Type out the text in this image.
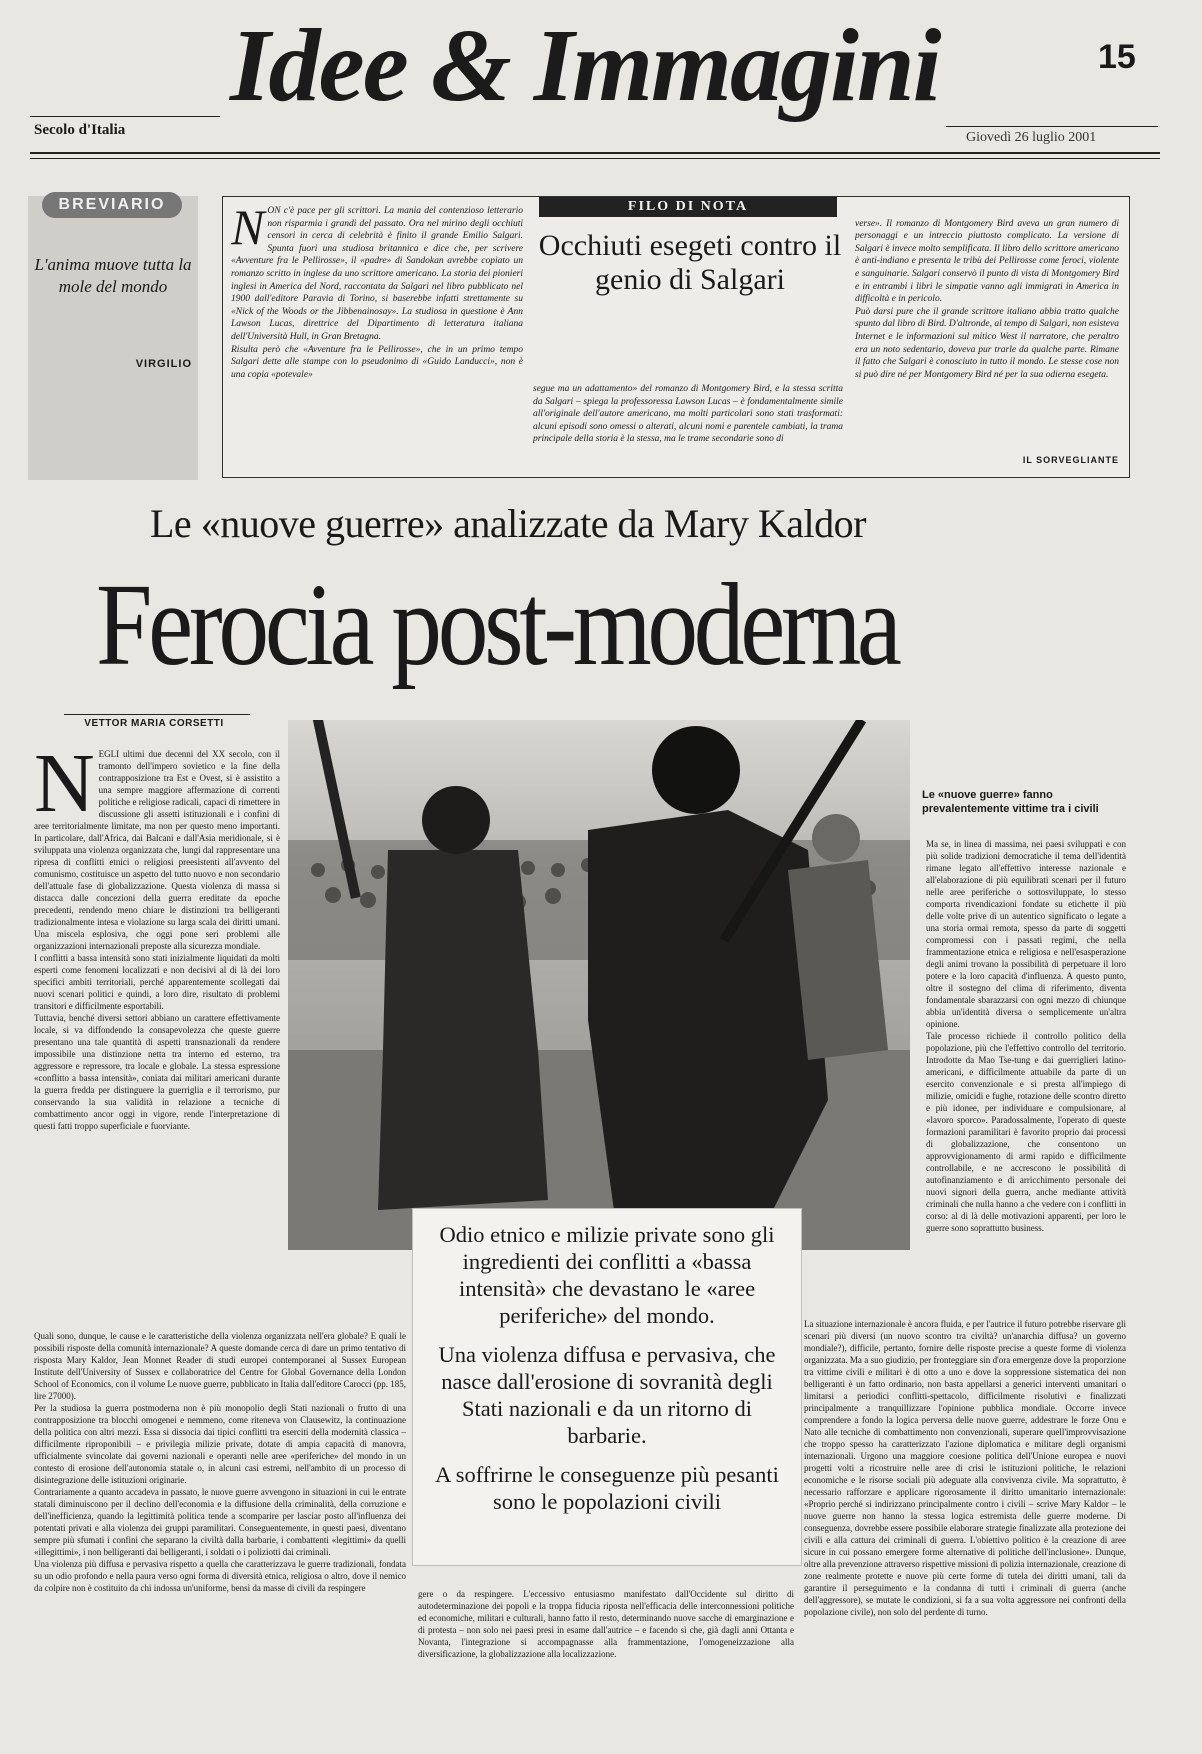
Idee & Immagini	15
Secolo d'Italia	Giovedì 26 luglio 2001
BREVIARIO
L'anima muove tutta la mole del mondo
VIRGILIO
FILO DI NOTA
Occhiuti esegeti contro il genio di Salgari
NON c'è pace per gli scrittori. La mania del contenzioso letterario non risparmia i grandi del passato. Ora nel mirino degli occhiuti censori in cerca di celebrità è finito il grande Emilio Salgari. Spunta fuori una studiosa britannica e dice che, per scrivere «Avventure fra le Pellirosse», il «padre» di Sandokan avrebbe copiato un romanzo scritto in inglese da uno scrittore americano. La storia dei pionieri inglesi in America del Nord, raccontata da Salgari nel libro pubblicato nel 1900 dall'editore Paravia di Torino, si baserebbe infatti strettamente su «Nick of the Woods or the Jibbenainosay». La studiosa in questione è Ann Lawson Lucas, direttrice del Dipartimento di letteratura italiana dell'Università Hull, in Gran Bretagna.
Risulta però che «Avventure fra le Pellirosse», che in un primo tempo Salgari dette alle stampe con lo pseudonimo di «Guido Landucci», non è una copia «potevale»
segue ma un adattamento» del romanzo di Montgomery Bird, e la stessa scritta da Salgari – spiega la professoressa Lawson Lucas – è fondamentalmente simile all'originale dell'autore americano, ma molti particolari sono stati trasformati: alcuni episodi sono omessi o alterati, alcuni nomi e parentele cambiati, la trama principale della storia è la stessa, ma le trame secondarie sono di

verse». Il romanzo di Montgomery Bird aveva un gran numero di personaggi e un intreccio piuttosto complicato. La versione di Salgari è invece molto semplificata. Il libro dello scrittore americano è anti-indiano e presenta le tribù dei Pellirosse come feroci, violente e sanguinarie. Salgari conservò il punto di vista di Montgomery Bird e in entrambi i libri le simpatie vanno agli immigrati in America in difficoltà e in pericolo.
Può darsi pure che il grande scrittore italiano abbia tratto qualche spunto dal libro di Bird. D'altronde, al tempo di Salgari, non esisteva Internet e le informazioni sul mitico West il narratore, che peraltro era un noto sedentario, doveva pur trarle da qualche parte. Rimane il fatto che Salgari è conosciuto in tutto il mondo. Le stesse cose non si può dire né per Montgomery Bird né per la sua odierna esegeta.

IL SORVEGLIANTE
Le «nuove guerre» analizzate da Mary Kaldor
Ferocia post-moderna
VETTOR MARIA CORSETTI

NEGLI ultimi due decenni del XX secolo, con il tramonto dell'impero sovietico e la fine della contrapposizione tra Est e Ovest, si è assistito a una sempre maggiore affermazione di correnti politiche e religiose radicali, capaci di rimettere in discussione gli assetti istituzionali e i confini di aree territorialmente limitate, ma non per questo meno importanti. In particolare, dall'Africa, dai Balcani e dall'Asia meridionale, si è sviluppata una violenza organizzata che, lungi dal rappresentare una ripresa di conflitti etnici o religiosi preesistenti all'avvento del comunismo, costituisce un aspetto del tutto nuovo e non secondario dell'attuale fase di globalizzazione. Questa violenza di massa si distacca dalle concezioni della guerra ereditate da epoche precedenti, rendendo meno chiare le distinzioni tra belligeranti tradizionalmente intesa e violazione su larga scala dei diritti umani. Una miscela esplosiva, che oggi pone seri problemi alle organizzazioni internazionali preposte alla sicurezza mondiale.
I conflitti a bassa intensità sono stati inizialmente liquidati da molti esperti come fenomeni localizzati e non decisivi al di là dei loro specifici ambiti territoriali, perché apparentemente scollegati dai nuovi scenari politici e quindi, a loro dire, risultato di problemi transitori e difficilmente esportabili.
Tuttavia, benché diversi settori abbiano un carattere effettivamente locale, si va diffondendo la consapevolezza che queste guerre presentano una tale quantità di aspetti transnazionali da rendere impossibile una distinzione netta tra interno ed esterno, tra aggressore e repressore, tra locale e globale. La stessa espressione «conflitto a bassa intensità», coniata dai militari americani durante la guerra fredda per distinguere la guerriglia e il terrorismo, pur conservando la sua validità in relazione a tecniche di combattimento ancor oggi in vigore, rende l'interpretazione di questi fatti troppo superficiale e fuorviante.

Quali sono, dunque, le cause e le caratteristiche della violenza organizzata nell'era globale? E quali le possibili risposte della comunità internazionale? A queste domande cerca di dare un primo tentativo di risposta Mary Kaldor, Jean Monnet Reader di studi europei contemporanei al Sussex European Institute dell'University of Sussex e collaboratrice del Centre for Global Governance della London School of Economics, con il volume Le nuove guerre, pubblicato in Italia dall'editore Carocci (pp. 185, lire 27000).
Per la studiosa la guerra postmoderna non è più monopolio degli Stati nazionali o frutto di una contrapposizione tra blocchi omogenei e nemmeno, come riteneva von Clausewitz, la continuazione della politica con altri mezzi. Essa si dissocia dai tipici conflitti tra eserciti della modernità classica – difficilmente riproponibili – e privilegia milizie private, dotate di ampia capacità di manovra, ufficialmente svincolate dai governi nazionali e operanti nelle aree «periferiche» del mondo in un contesto di erosione dell'autonomia statale o, in alcuni casi estremi, nell'ambito di un processo di disintegrazione delle istituzioni originarie.
Contrariamente a quanto accadeva in passato, le nuove guerre avvengono in situazioni in cui le entrate statali diminuiscono per il declino dell'economia e la diffusione della criminalità, della corruzione e dell'inefficienza, quando la legittimità politica tende a scomparire per lasciar posto all'influenza dei potentati privati e alla violenza dei gruppi paramilitari. Conseguentemente, in questi paesi, diventano sempre più sfumati i confini che separano la civiltà dalla barbarie, i combattenti «legittimi» da quelli «illegittimi», i non belligeranti dai belligeranti, i soldati o i poliziotti dai criminali.
Una violenza più diffusa e pervasiva rispetto a quella che caratterizzava le guerre tradizionali, fondata su un odio profondo e nella paura verso ogni forma di diversità etnica, religiosa o altro, dove il nemico da colpire non è costituito da chi indossa un'uniforme, bensì da masse di civili da respingere

Le «nuove guerre» fanno prevalentemente vittime tra i civili

Ma se, in linea di massima, nei paesi sviluppati e con più solide tradizioni democratiche il tema dell'identità rimane legato all'effettivo interesse nazionale e all'elaborazione di più equilibrati scenari per il futuro nelle aree periferiche o sottosviluppate, lo stesso comporta rivendicazioni fondate su etichette il più delle volte prive di un autentico significato o legate a una storia ormai remota, spesso da parte di soggetti compromessi con i passati regimi, che nella frammentazione etnica e religiosa e nell'esasperazione degli animi trovano la possibilità di perpetuare il loro potere e la loro capacità d'influenza. A questo punto, oltre il sostegno del clima di riferimento, diventa fondamentale sbarazzarsi con ogni mezzo di chiunque abbia un'identità diversa o semplicemente un'altra opinione.
Tale processo richiede il controllo politico della popolazione, più che l'effettivo controllo del territorio. Introdotte da Mao Tse-tung e dai guerriglieri latino-americani, e difficilmente attuabile da parte di un esercito convenzionale e si presta all'impiego di milizie, omicidi e fughe, rotazione delle scontro diretto e più idonee, per individuare e compulsionare, al «lavoro sporco». Paradossalmente, l'operato di queste formazioni paramilitari è favorito proprio dai processi di globalizzazione, che consentono un approvvigionamento di armi rapido e difficilmente controllabile, e ne accrescono le possibilità di autofinanziamento e di arricchimento personale dei nuovi signori della guerra, anche mediante attività criminali che nulla hanno a che vedere con i conflitti in corso: al di là delle motivazioni apparenti, per loro le guerre sono soprattutto business.

La situazione internazionale è ancora fluida, e per l'autrice il futuro potrebbe riservare gli scenari più diversi (un nuovo scontro tra civiltà? un'anarchia diffusa? un governo mondiale?), difficile, pertanto, fornire delle risposte precise a queste forme di violenza organizzata. Ma a suo giudizio, per fronteggiare sin d'ora emergenze dove la proporzione tra vittime civili e militari è di otto a uno e dove la soppressione sistematica dei non belligeranti è un fatto ordinario, non basta appellarsi a generici interventi umanitari o limitarsi a periodici conflitti-spettacolo, difficilmente risolutivi e finalizzati principalmente a tranquillizzare l'opinione pubblica mondiale. Occorre invece comprendere a fondo la logica perversa delle nuove guerre, addestrare le forze Onu e Nato alle tecniche di combattimento non convenzionali, superare quell'improvvisazione che troppo spesso ha caratterizzato l'azione diplomatica e militare degli organismi internazionali. Urgono una maggiore coesione politica dell'Unione europea e nuovi progetti volti a ricostruire nelle aree di crisi le istituzioni politiche, le relazioni economiche e le risorse sociali più adeguate alla convivenza civile. Ma soprattutto, è necessario rafforzare e applicare rigorosamente il diritto umanitario internazionale: «Proprio perché si indirizzano principalmente contro i civili – scrive Mary Kaldor – le nuove guerre non hanno la stessa logica estremista delle guerre moderne. Di conseguenza, dovrebbe essere possibile elaborare strategie finalizzate alla protezione dei civili e alla cattura dei criminali di guerra. L'obiettivo politico è la creazione di aree sicure in cui possano emergere forme alternative di politiche dell'inclusione». Dunque, oltre alla prevenzione attraverso rispettive missioni di polizia internazionale, creazione di zone realmente protette e nuove più certe forme di tutela dei diritti umani, tali da garantire il perseguimento e la condanna di tutti i criminali di guerra (anche dell'aggressore), se mutate le condizioni, si fa a sua volta aggressore nei confronti della popolazione civile), non solo del perdente di turno.

gere o da respingere. L'eccessivo entusiasmo manifestato dall'Occidente sul diritto di autodeterminazione dei popoli e la troppa fiducia riposta nell'efficacia delle interconnessioni politiche ed economiche, militari e culturali, hanno fatto il resto, determinando nuove sacche di emarginazione e di protesta – non solo nei paesi presi in esame dall'autrice – e facendo sì che, già dagli anni Ottanta e Novanta, l'integrazione si accompagnasse alla frammentazione, l'omogeneizzazione alla diversificazione, la globalizzazione alla localizzazione.

Odio etnico e milizie private sono gli ingredienti dei conflitti a «bassa intensità» che devastano le «aree periferiche» del mondo.

Una violenza diffusa e pervasiva, che nasce dall'erosione di sovranità degli Stati nazionali e da un ritorno di barbarie.

A soffrirne le conseguenze più pesanti sono le popolazioni civili
